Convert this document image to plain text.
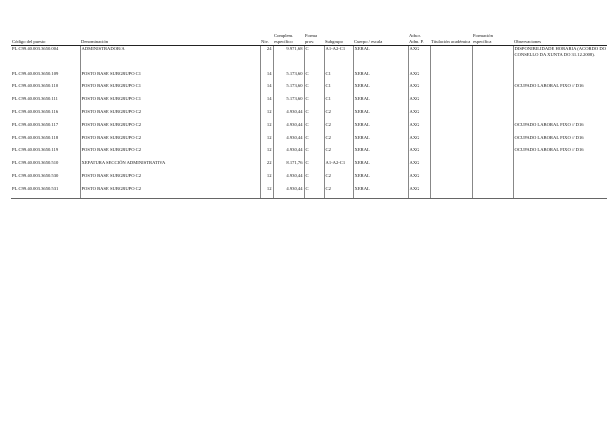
Código del puesto	Denominación	Niv.	Complem. específico	Forma prov.	Subgrupo	Cuerpo / escala	Adscr. Adm. P.	Titulación académica	Formación específica	Observaciones
PL.C99.40.003.3650.004	ADMINISTRADOR/A	24	9.971,68	C	A1-A2-C1	XERAL	AXG			DISPONIBILIDADE HORARIA (ACORDO DO CONSELLO DA XUNTA DO 31.12.2008).
PL.C99.40.003.3650.109	POSTO BASE SUBGRUPO C1	14	5.173,60	C	C1	XERAL	AXG			
PL.C99.40.003.3650.110	POSTO BASE SUBGRUPO C1	14	5.173,60	C	C1	XERAL	AXG			OCUPADO LABORAL FIXO // D16
PL.C99.40.003.3650.111	POSTO BASE SUBGRUPO C1	14	5.173,60	C	C1	XERAL	AXG			
PL.C99.40.003.3650.116	POSTO BASE SUBGRUPO C2	12	4.930,44	C	C2	XERAL	AXG			
PL.C99.40.003.3650.117	POSTO BASE SUBGRUPO C2	12	4.930,44	C	C2	XERAL	AXG			OCUPADO LABORAL FIXO // D16
PL.C99.40.003.3650.118	POSTO BASE SUBGRUPO C2	12	4.930,44	C	C2	XERAL	AXG			OCUPADO LABORAL FIXO // D16
PL.C99.40.003.3650.119	POSTO BASE SUBGRUPO C2	12	4.930,44	C	C2	XERAL	AXG			OCUPADO LABORAL FIXO // D16
PL.C99.40.003.3650.510	XEFATURA SECCIÓN ADMINISTRATIVA	22	8.171,76	C	A1-A2-C1	XERAL	AXG			
PL.C99.40.003.3650.530	POSTO BASE SUBGRUPO C2	12	4.930,44	C	C2	XERAL	AXG			
PL.C99.40.003.3650.531	POSTO BASE SUBGRUPO C2	12	4.930,44	C	C2	XERAL	AXG			
